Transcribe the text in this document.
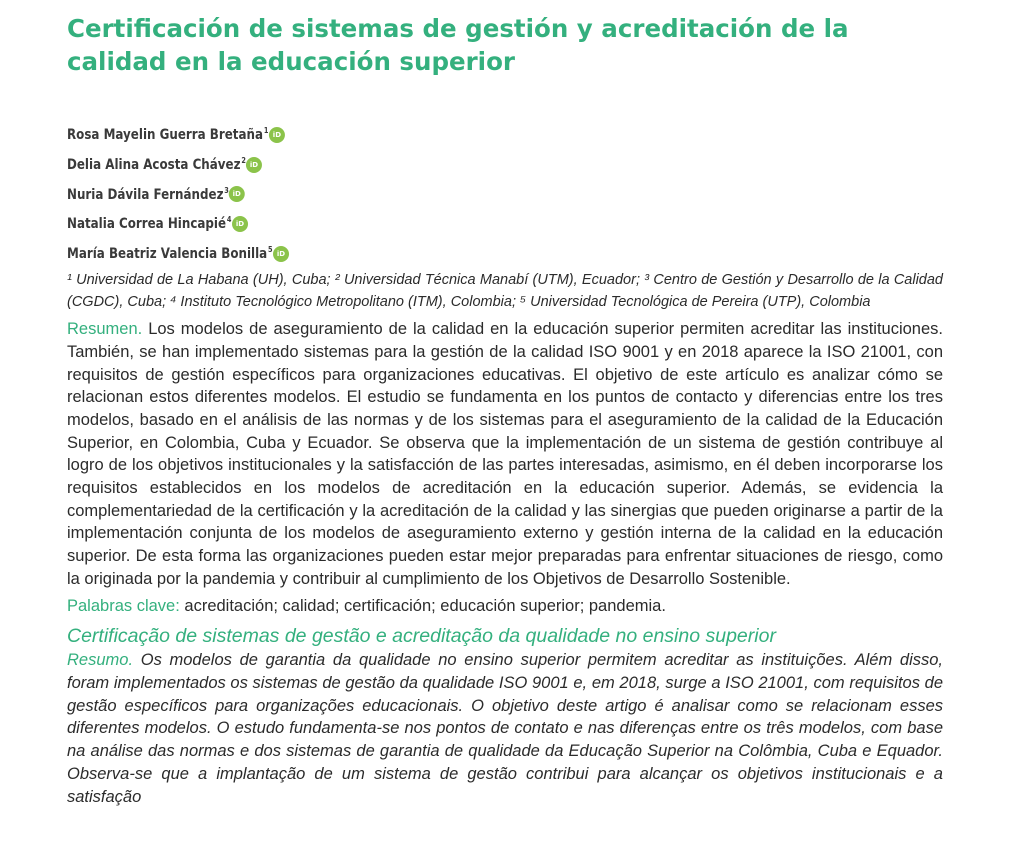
Certificación de sistemas de gestión y acreditación de la calidad en la educación superior
Rosa Mayelin Guerra Bretaña$^1$ iD
Delia Alina Acosta Chávez$^2$ iD
Nuria Dávila Fernández$^3$ iD
Natalia Correa Hincapié$^4$ iD
María Beatriz Valencia Bonilla$^5$ iD
¹ Universidad de La Habana (UH), Cuba; ² Universidad Técnica Manabí (UTM), Ecuador; ³ Centro de Gestión y Desarrollo de la Calidad (CGDC), Cuba; ⁴ Instituto Tecnológico Metropolitano (ITM), Colombia; ⁵ Universidad Tecnológica de Pereira (UTP), Colombia
Resumen. Los modelos de aseguramiento de la calidad en la educación superior permiten acreditar las instituciones. También, se han implementado sistemas para la gestión de la calidad ISO 9001 y en 2018 aparece la ISO 21001, con requisitos de gestión específicos para organizaciones educativas. El objetivo de este artículo es analizar cómo se relacionan estos diferentes modelos. El estudio se fundamenta en los puntos de contacto y diferencias entre los tres modelos, basado en el análisis de las normas y de los sistemas para el aseguramiento de la calidad de la Educación Superior, en Colombia, Cuba y Ecuador. Se observa que la implementación de un sistema de gestión contribuye al logro de los objetivos institucionales y la satisfacción de las partes interesadas, asimismo, en él deben incorporarse los requisitos establecidos en los modelos de acreditación en la educación superior. Además, se evidencia la complementariedad de la certificación y la acreditación de la calidad y las sinergias que pueden originarse a partir de la implementación conjunta de los modelos de aseguramiento externo y gestión interna de la calidad en la educación superior. De esta forma las organizaciones pueden estar mejor preparadas para enfrentar situaciones de riesgo, como la originada por la pandemia y contribuir al cumplimiento de los Objetivos de Desarrollo Sostenible.
Palabras clave: acreditación; calidad; certificación; educación superior; pandemia.
Certificação de sistemas de gestão e acreditação da qualidade no ensino superior
Resumo. Os modelos de garantia da qualidade no ensino superior permitem acreditar as instituições. Além disso, foram implementados os sistemas de gestão da qualidade ISO 9001 e, em 2018, surge a ISO 21001, com requisitos de gestão específicos para organizações educacionais. O objetivo deste artigo é analisar como se relacionam esses diferentes modelos. O estudo fundamenta-se nos pontos de contato e nas diferenças entre os três modelos, com base na análise das normas e dos sistemas de garantia de qualidade da Educação Superior na Colômbia, Cuba e Equador. Observa-se que a implantação de um sistema de gestão contribui para alcançar os objetivos institucionais e a satisfação
